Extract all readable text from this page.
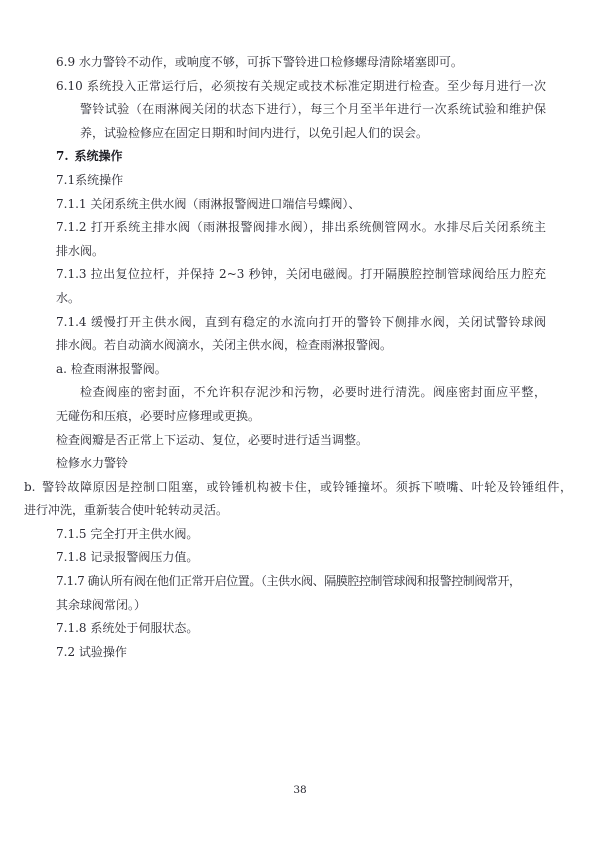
6.9 水力警铃不动作，或响度不够，可拆下警铃进口检修螺母清除堵塞即可。
6.10 系统投入正常运行后，必须按有关规定或技术标准定期进行检查。至少每月进行一次
警铃试验（在雨淋阀关闭的状态下进行），每三个月至半年进行一次系统试验和维护保
养，试验检修应在固定日期和时间内进行，以免引起人们的误会。
7. 系统操作
7.1系统操作
7.1.1 关闭系统主供水阀（雨淋报警阀进口端信号蝶阀）、
7.1.2 打开系统主排水阀（雨淋报警阀排水阀），排出系统侧管网水。水排尽后关闭系统主
排水阀。
7.1.3 拉出复位拉杆，并保持 2~3 秒钟，关闭电磁阀。打开隔膜腔控制管球阀给压力腔充
水。
7.1.4 缓慢打开主供水阀，直到有稳定的水流向打开的警铃下侧排水阀，关闭试警铃球阀
排水阀。若自动滴水阀滴水，关闭主供水阀，检查雨淋报警阀。
a. 检查雨淋报警阀。
检查阀座的密封面，不允许积存泥沙和污物，必要时进行清洗。阀座密封面应平整，
无碰伤和压痕，必要时应修理或更换。
检查阀瓣是否正常上下运动、复位，必要时进行适当调整。
检修水力警铃
b. 警铃故障原因是控制口阻塞，或铃锤机构被卡住，或铃锤撞坏。须拆下喷嘴、叶轮及铃锤组件，
进行冲洗，重新装合使叶轮转动灵活。
7.1.5 完全打开主供水阀。
7.1.8 记录报警阀压力值。
7.1.7 确认所有阀在他们正常开启位置。（主供水阀、隔膜腔控制管球阀和报警控制阀常开，
其余球阀常闭。）
7.1.8 系统处于伺服状态。
7.2 试验操作
38
